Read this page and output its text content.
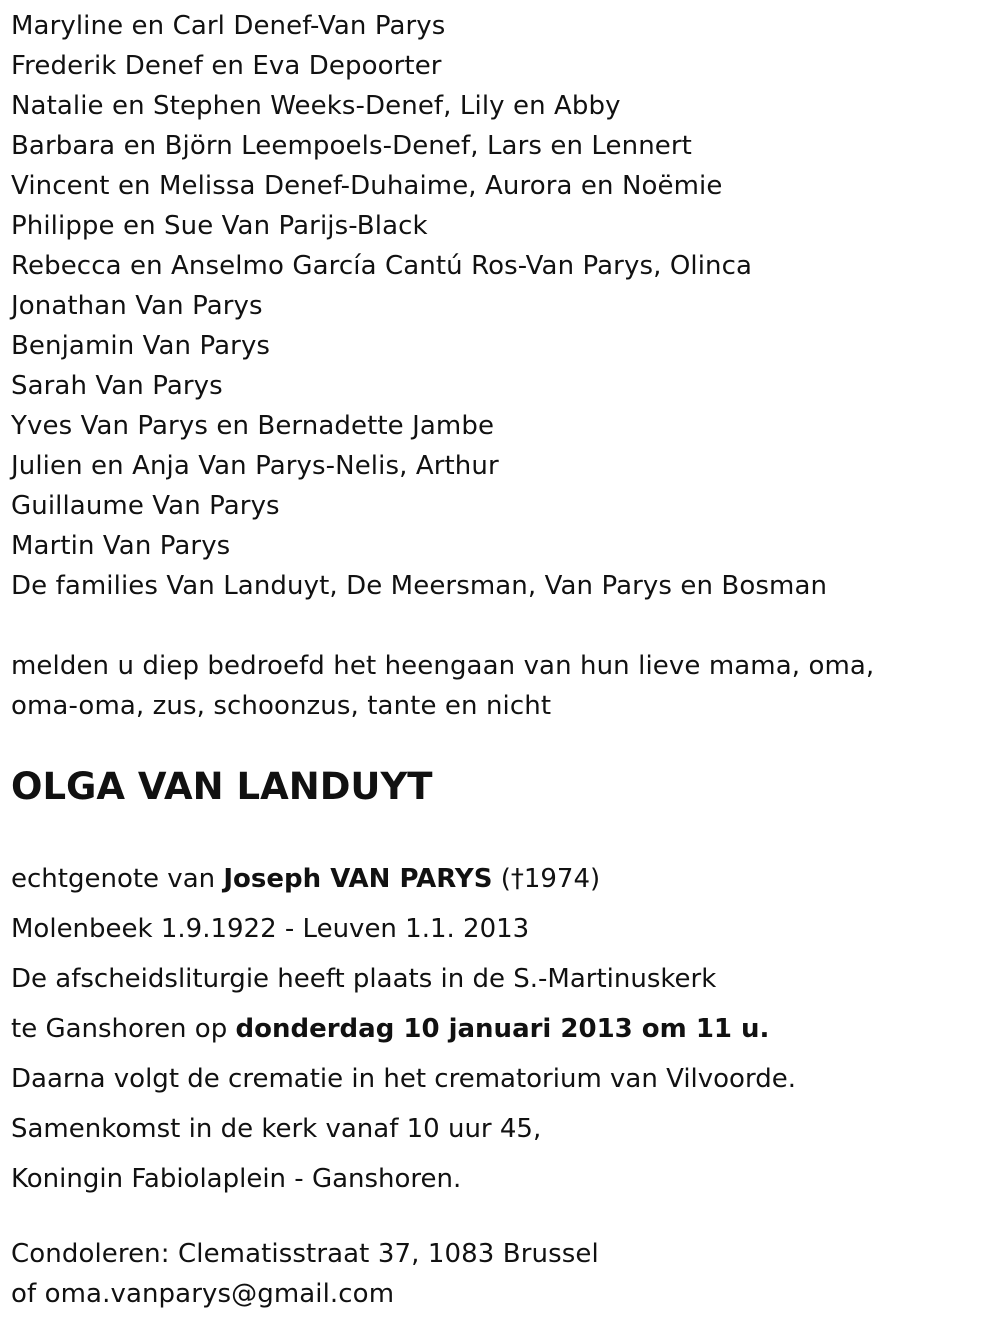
Maryline en Carl Denef-Van Parys
Frederik Denef en Eva Depoorter
Natalie en Stephen Weeks-Denef, Lily en Abby
Barbara en Björn Leempoels-Denef, Lars en Lennert
Vincent en Melissa Denef-Duhaime, Aurora en Noëmie
Philippe en Sue Van Parijs-Black
Rebecca en Anselmo García Cantú Ros-Van Parys, Olinca
Jonathan Van Parys
Benjamin Van Parys
Sarah Van Parys
Yves Van Parys en Bernadette Jambe
Julien en Anja Van Parys-Nelis, Arthur
Guillaume Van Parys
Martin Van Parys
De families Van Landuyt, De Meersman, Van Parys en Bosman
melden u diep bedroefd het heengaan van hun lieve mama, oma,
oma-oma, zus, schoonzus, tante en nicht
OLGA VAN LANDUYT
echtgenote van Joseph VAN PARYS (†1974)
Molenbeek 1.9.1922 - Leuven 1.1. 2013
De afscheidsliturgie heeft plaats in de S.-Martinuskerk
te Ganshoren op donderdag 10 januari 2013 om 11 u.
Daarna volgt de crematie in het crematorium van Vilvoorde.
Samenkomst in de kerk vanaf 10 uur 45,
Koningin Fabiolaplein - Ganshoren.
Condoleren: Clematisstraat 37, 1083 Brussel
of oma.vanparys@gmail.com
